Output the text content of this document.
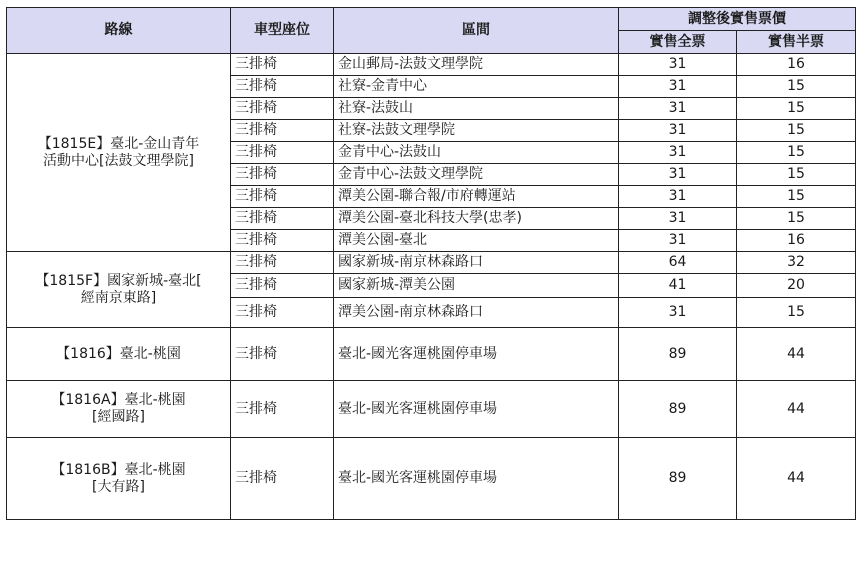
路線	車型座位	區間	調整後實售票價	
			實售全票	實售半票
【1815E】臺北-金山青年
活動中心[法鼓文理學院]	三排椅	金山郵局-法鼓文理學院	31	16
	三排椅	社寮-金青中心	31	15
	三排椅	社寮-法鼓山	31	15
	三排椅	社寮-法鼓文理學院	31	15
	三排椅	金青中心-法鼓山	31	15
	三排椅	金青中心-法鼓文理學院	31	15
	三排椅	潭美公園-聯合報/市府轉運站	31	15
	三排椅	潭美公園-臺北科技大學(忠孝)	31	15
	三排椅	潭美公園-臺北	31	16
【1815F】國家新城-臺北[
經南京東路]	三排椅	國家新城-南京林森路口	64	32
	三排椅	國家新城-潭美公園	41	20
	三排椅	潭美公園-南京林森路口	31	15
【1816】臺北-桃園	三排椅	臺北-國光客運桃園停車場	89	44
【1816A】臺北-桃園
[經國路]	三排椅	臺北-國光客運桃園停車場	89	44
【1816B】臺北-桃園
[大有路]	三排椅	臺北-國光客運桃園停車場	89	44
